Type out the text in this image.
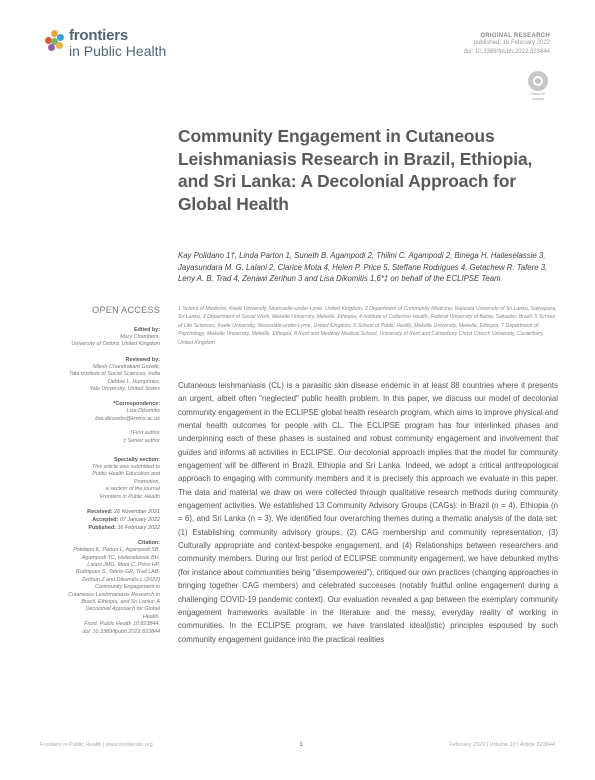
frontiers
in Public Health
ORIGINAL RESEARCH
published: 16 February 2022
doi: 10.3389/fpubh.2022.823844
Check for
updates
Community Engagement in Cutaneous Leishmaniasis Research in Brazil, Ethiopia, and Sri Lanka: A Decolonial Approach for Global Health
Kay Polidano 1†, Linda Parton 1, Suneth B. Agampodi 2, Thilini C. Agampodi 2, Binega H. Haileselassie 3, Jayasundara M. G. Lalani 2, Clarice Mota 4, Helen P. Price 5, Steffane Rodrigues 4, Getachew R. Tafere 3, Leny A. B. Trad 4, Zenawi Zerihun 3 and Lisa Dikomitis 1,6*‡ on behalf of the ECLIPSE Team
1 School of Medicine, Keele University, Newcastle-under-Lyme, United Kingdom, 2 Department of Community Medicine, Rajarata University of Sri Lanka, Saliyapura, Sri Lanka, 3 Department of Social Work, Mekelle University, Mekelle, Ethiopia, 4 Institute of Collective Health, Federal University of Bahia, Salvador, Brazil, 5 School of Life Sciences, Keele University, Newcastle-under-Lyme, United Kingdom, 6 School of Public Health, Mekelle University, Mekelle, Ethiopia, 7 Department of Psychology, Mekelle University, Mekelle, Ethiopia, 8 Kent and Medway Medical School, University of Kent and Canterbury Christ Church University, Canterbury, United Kingdom
OPEN ACCESS
Edited by:
Mary Chambers,
University of Oxford, United Kingdom
Reviewed by:
Nilesh Chandrakant Gawde,
Tata Institute of Social Sciences, India
Debbie L. Humphries,
Yale University, United States
*Correspondence:
Lisa Dikomitis
lisa.dikomitis@kmms.ac.uk
†First author
‡ Senior author
Specialty section:
This article was submitted to
Public Health Education and
Promotion,
a section of the journal
Frontiers in Public Health
Received: 26 November 2021
Accepted: 07 January 2022
Published: 16 February 2022
Citation:
Polidano K, Parton L, Agampodi SB,
Agampodi TC, Haileselassie BH,
Lalani JMG, Mota C, Price HP,
Rodrigues S, Tafere GR, Trad LAB,
Zerihun Z and Dikomitis L (2022)
Community Engagement in
Cutaneous Leishmaniasis Research in
Brazil, Ethiopia, and Sri Lanka: A
Decolonial Approach for Global
Health.
Front. Public Health 10:823844.
doi: 10.3389/fpubh.2022.823844

Cutaneous leishmaniasis (CL) is a parasitic skin disease endemic in at least 88 countries where it presents an urgent, albeit often "neglected" public health problem. In this paper, we discuss our model of decolonial community engagement in the ECLIPSE global health research program, which aims to improve physical and mental health outcomes for people with CL. The ECLIPSE program has four interlinked phases and underpinning each of these phases is sustained and robust community engagement and involvement that guides and informs all activities in ECLIPSE. Our decolonial approach implies that the model for community engagement will be different in Brazil, Ethiopia and Sri Lanka. Indeed, we adopt a critical anthropological approach to engaging with community members and it is precisely this approach we evaluate in this paper. The data and material we draw on were collected through qualitative research methods during community engagement activities. We established 13 Community Advisory Groups (CAGs): in Brazil (n = 4), Ethiopia (n = 6), and Sri Lanka (n = 3). We identified four overarching themes during a thematic analysis of the data set: (1) Establishing community advisory groups, (2) CAG membership and community representation, (3) Culturally appropriate and context-bespoke engagement, and (4) Relationships between researchers and community members. During our first period of ECLIPSE community engagement, we have debunked myths (for instance about communities being "disempowered"), critiqued our own practices (changing approaches in bringing together CAG members) and celebrated successes (notably fruitful online engagement during a challenging COVID-19 pandemic context). Our evaluation revealed a gap between the exemplary community engagement frameworks available in the literature and the messy, everyday reality of working in communities. In the ECLIPSE program, we have translated ideal(istic) principles espoused by such community engagement guidance into the practical realities

Frontiers in Public Health | www.frontiersin.org	1	February 2022 | Volume 10 | Article 823844
